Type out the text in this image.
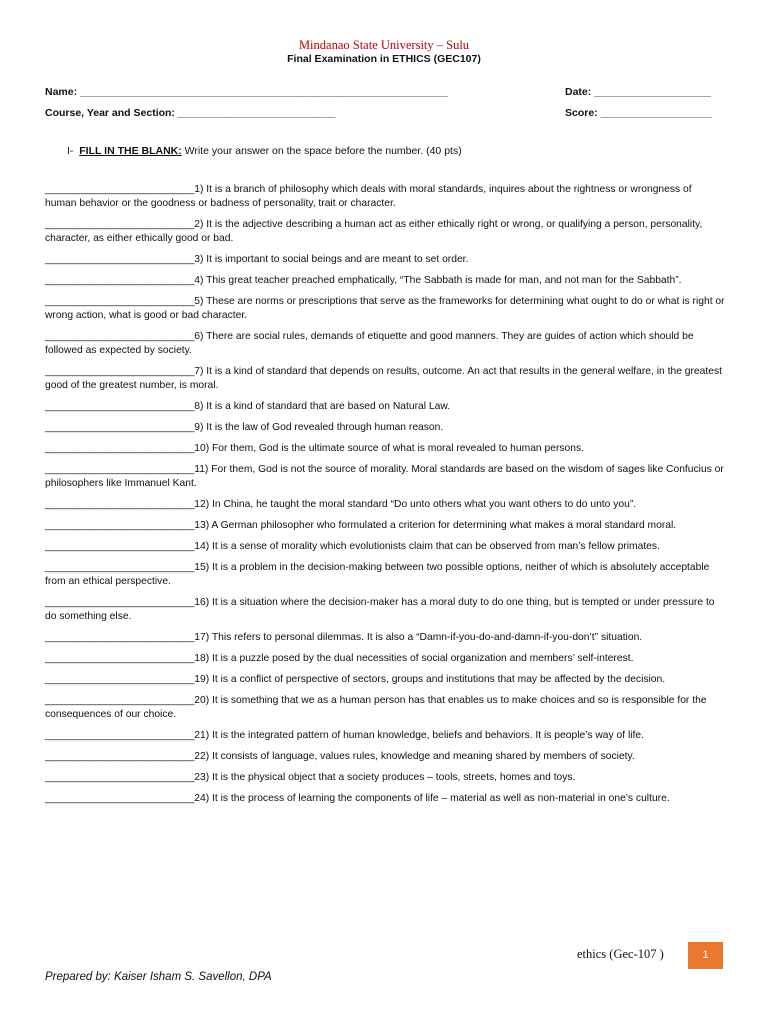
Mindanao State University – Sulu
Final Examination in ETHICS (GEC107)
Name: _______________________________________________________________	Date: ____________________
Course, Year and Section: ___________________________	Score: ___________________
I- FILL IN THE BLANK: Write your answer on the space before the number. (40 pts)
___________________________1) It is a branch of philosophy which deals with moral standards, inquires about the rightness or wrongness of human behavior or the goodness or badness of personality, trait or character.
___________________________2) It is the adjective describing a human act as either ethically right or wrong, or qualifying a person, personality, character, as either ethically good or bad.
___________________________3) It is important to social beings and are meant to set order.
___________________________4) This great teacher preached emphatically, “The Sabbath is made for man, and not man for the Sabbath”.
___________________________5) These are norms or prescriptions that serve as the frameworks for determining what ought to do or what is right or wrong action, what is good or bad character.
___________________________6) There are social rules, demands of etiquette and good manners. They are guides of action which should be followed as expected by society.
___________________________7) It is a kind of standard that depends on results, outcome. An act that results in the general welfare, in the greatest good of the greatest number, is moral.
___________________________8) It is a kind of standard that are based on Natural Law.
___________________________9) It is the law of God revealed through human reason.
___________________________10) For them, God is the ultimate source of what is moral revealed to human persons.
___________________________11) For them, God is not the source of morality. Moral standards are based on the wisdom of sages like Confucius or philosophers like Immanuel Kant.
___________________________12) In China, he taught the moral standard “Do unto others what you want others to do unto you”.
___________________________13) A German philosopher who formulated a criterion for determining what makes a moral standard moral.
___________________________14) It is a sense of morality which evolutionists claim that can be observed from man’s fellow primates.
___________________________15) It is a problem in the decision-making between two possible options, neither of which is absolutely acceptable from an ethical perspective.
___________________________16) It is a situation where the decision-maker has a moral duty to do one thing, but is tempted or under pressure to do something else.
___________________________17) This refers to personal dilemmas. It is also a “Damn-if-you-do-and-damn-if-you-don’t” situation.
___________________________18) It is a puzzle posed by the dual necessities of social organization and members’ self-interest.
___________________________19) It is a conflict of perspective of sectors, groups and institutions that may be affected by the decision.
___________________________20) It is something that we as a human person has that enables us to make choices and so is responsible for the consequences of our choice.
___________________________21) It is the integrated pattern of human knowledge, beliefs and behaviors. It is people’s way of life.
___________________________22) It consists of language, values rules, knowledge and meaning shared by members of society.
___________________________23) It is the physical object that a society produces – tools, streets, homes and toys.
___________________________24) It is the process of learning the components of life – material as well as non-material in one’s culture.
ethics (Gec-107 )	1
Prepared by: Kaiser Isham S. Savellon, DPA
